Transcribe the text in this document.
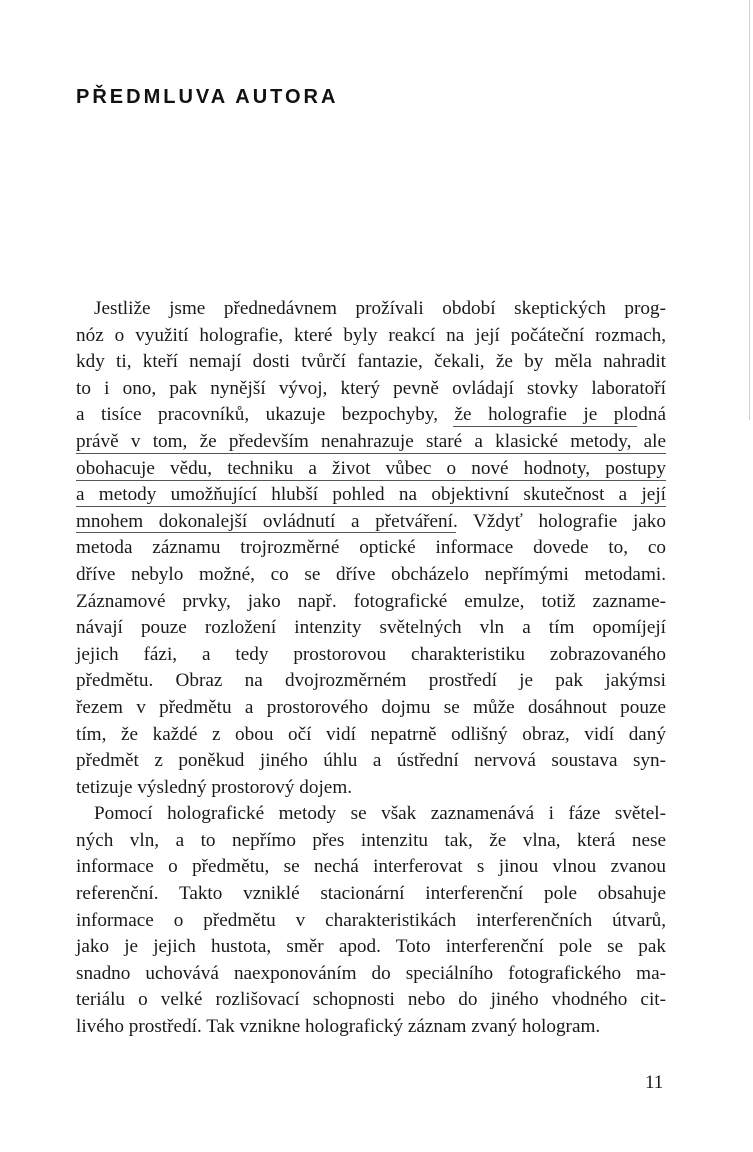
PŘEDMLUVA AUTORA
Jestliže jsme přednedávnem prožívali období skeptických prog-
nóz o využití holografie, které byly reakcí na její počáteční rozmach,
kdy ti, kteří nemají dosti tvůrčí fantazie, čekali, že by měla nahradit
to i ono, pak nynější vývoj, který pevně ovládají stovky laboratoří
a tisíce pracovníků, ukazuje bezpochyby, že holografie je plodná
právě v tom, že především nenahrazuje staré a klasické metody, ale
obohacuje vědu, techniku a život vůbec o nové hodnoty, postupy
a metody umožňující hlubší pohled na objektivní skutečnost a její
mnohem dokonalejší ovládnutí a přetváření. Vždyť holografie jako
metoda záznamu trojrozměrné optické informace dovede to, co
dříve nebylo možné, co se dříve obcházelo nepřímými metodami.
Záznamové prvky, jako např. fotografické emulze, totiž zazname-
návají pouze rozložení intenzity světelných vln a tím opomíjejí
jejich fázi, a tedy prostorovou charakteristiku zobrazovaného
předmětu. Obraz na dvojrozměrném prostředí je pak jakýmsi
řezem v předmětu a prostorového dojmu se může dosáhnout pouze
tím, že každé z obou očí vidí nepatrně odlišný obraz, vidí daný
předmět z poněkud jiného úhlu a ústřední nervová soustava syn-
tetizuje výsledný prostorový dojem.
Pomocí holografické metody se však zaznamenává i fáze světel-
ných vln, a to nepřímo přes intenzitu tak, že vlna, která nese
informace o předmětu, se nechá interferovat s jinou vlnou zvanou
referenční. Takto vzniklé stacionární interferenční pole obsahuje
informace o předmětu v charakteristikách interferenčních útvarů,
jako je jejich hustota, směr apod. Toto interferenční pole se pak
snadno uchovává naexponováním do speciálního fotografického ma-
teriálu o velké rozlišovací schopnosti nebo do jiného vhodného cit-
livého prostředí. Tak vznikne holografický záznam zvaný hologram.
11
